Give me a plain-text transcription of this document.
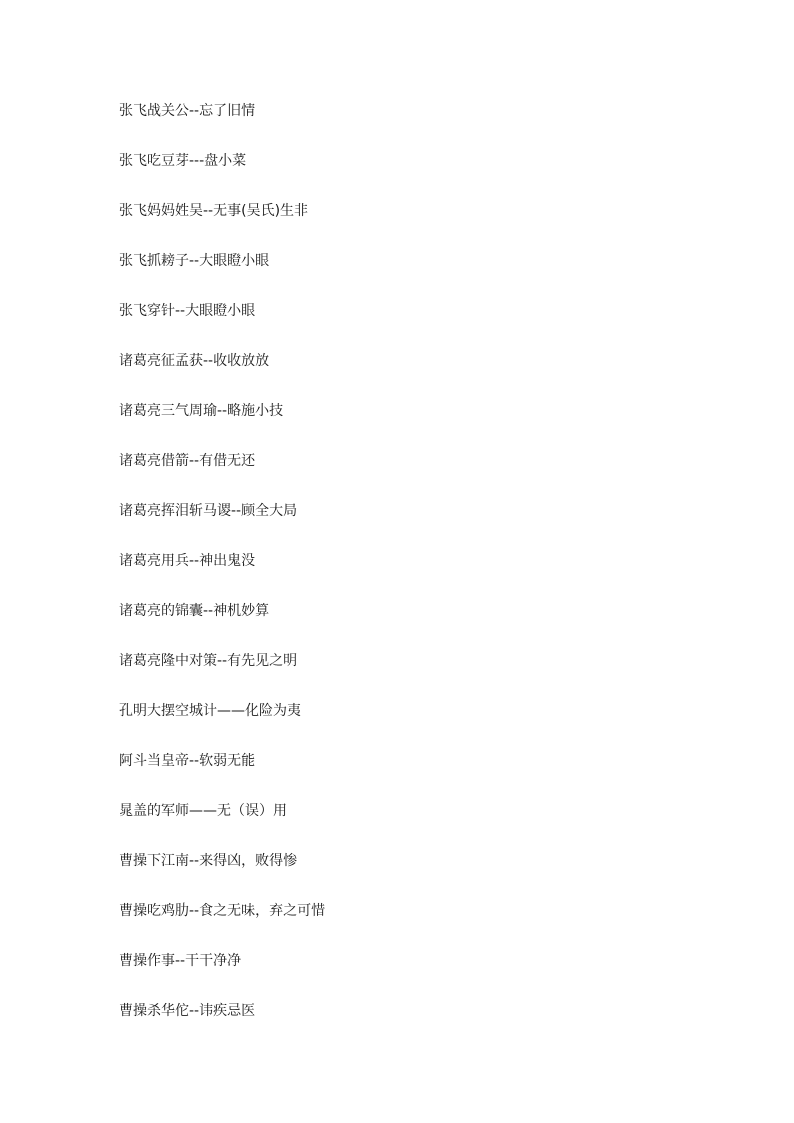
张飞战关公--忘了旧情
张飞吃豆芽---盘小菜
张飞妈妈姓吴--无事(吴氏)生非
张飞抓耪子--大眼瞪小眼
张飞穿针--大眼瞪小眼
诸葛亮征孟获--收收放放
诸葛亮三气周瑜--略施小技
诸葛亮借箭--有借无还
诸葛亮挥泪斩马谡--顾全大局
诸葛亮用兵--神出鬼没
诸葛亮的锦囊--神机妙算
诸葛亮隆中对策--有先见之明
孔明大摆空城计——化险为夷
阿斗当皇帝--软弱无能
晁盖的军师——无（误）用
曹操下江南--来得凶，败得惨
曹操吃鸡肋--食之无味，弃之可惜
曹操作事--干干净净
曹操杀华佗--讳疾忌医
